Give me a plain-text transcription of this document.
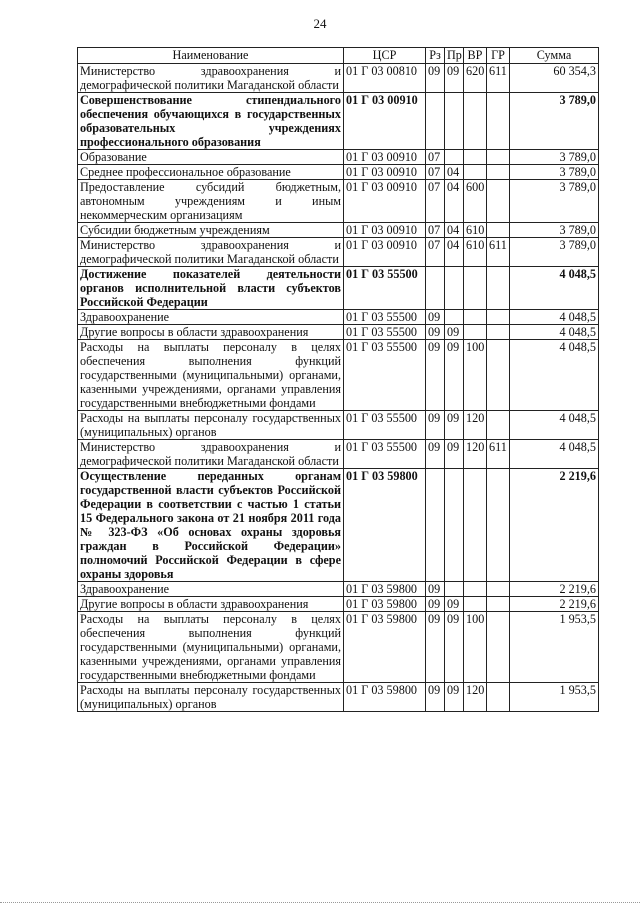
24
Наименование	ЦСР	Рз	Пр	ВР	ГР	Сумма
Министерство здравоохранения и демографической политики Магаданской области	01 Г 03 00810	09	09	620	611	60 354,3
Совершенствование стипендиального обеспечения обучающихся в государственных образовательных учреждениях профессионального образования	01 Г 03 00910					3 789,0
Образование	01 Г 03 00910	07				3 789,0
Среднее профессиональное образование	01 Г 03 00910	07	04			3 789,0
Предоставление субсидий бюджетным, автономным учреждениям и иным некоммерческим организациям	01 Г 03 00910	07	04	600		3 789,0
Субсидии бюджетным учреждениям	01 Г 03 00910	07	04	610		3 789,0
Министерство здравоохранения и демографической политики Магаданской области	01 Г 03 00910	07	04	610	611	3 789,0
Достижение показателей деятельности органов исполнительной власти субъектов Российской Федерации	01 Г 03 55500					4 048,5
Здравоохранение	01 Г 03 55500	09				4 048,5
Другие вопросы в области здравоохранения	01 Г 03 55500	09	09			4 048,5
Расходы на выплаты персоналу в целях обеспечения выполнения функций государственными (муниципальными) органами, казенными учреждениями, органами управления государственными внебюджетными фондами	01 Г 03 55500	09	09	100		4 048,5
Расходы на выплаты персоналу государственных (муниципальных) органов	01 Г 03 55500	09	09	120		4 048,5
Министерство здравоохранения и демографической политики Магаданской области	01 Г 03 55500	09	09	120	611	4 048,5
Осуществление переданных органам государственной власти субъектов Российской Федерации в соответствии с частью 1 статьи 15 Федерального закона от 21 ноября 2011 года № 323-ФЗ «Об основах охраны здоровья граждан в Российской Федерации» полномочий Российской Федерации в сфере охраны здоровья	01 Г 03 59800					2 219,6
Здравоохранение	01 Г 03 59800	09				2 219,6
Другие вопросы в области здравоохранения	01 Г 03 59800	09	09			2 219,6
Расходы на выплаты персоналу в целях обеспечения выполнения функций государственными (муниципальными) органами, казенными учреждениями, органами управления государственными внебюджетными фондами	01 Г 03 59800	09	09	100		1 953,5
Расходы на выплаты персоналу государственных (муниципальных) органов	01 Г 03 59800	09	09	120		1 953,5
